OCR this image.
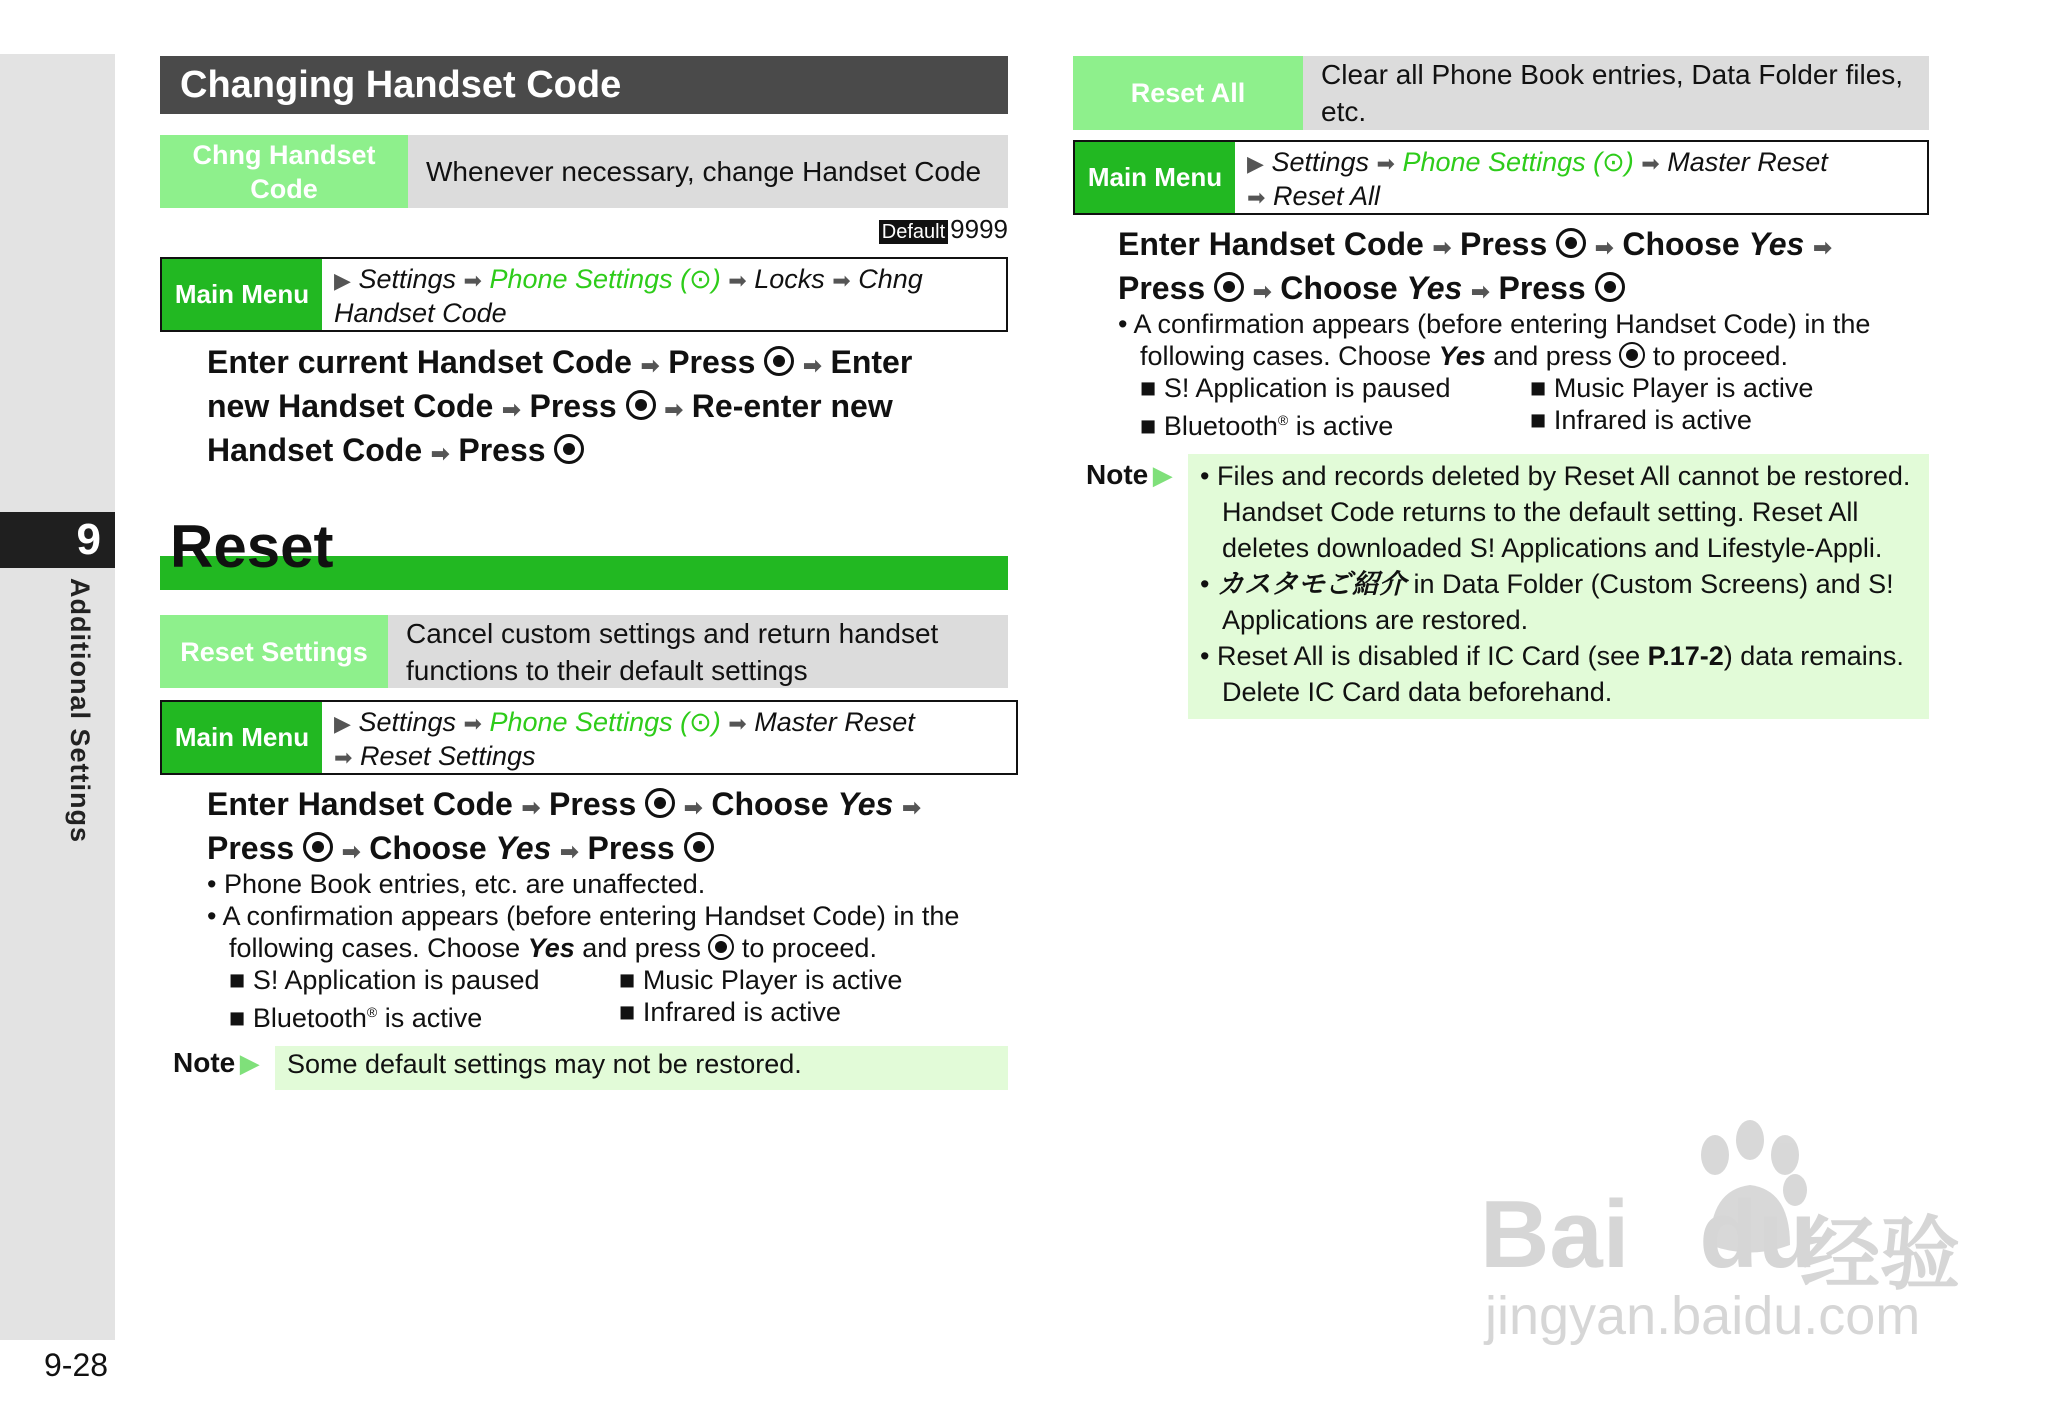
9
Additional Settings
9-28
Changing Handset Code
Chng Handset Code
Whenever necessary, change Handset Code
Default 9999
Main Menu	▶ Settings ➡ Phone Settings (⊙) ➡ Locks ➡ Chng
Handset Code
Enter current Handset Code ➡ Press ➡ Enter
new Handset Code ➡ Press ➡ Re-enter new
Handset Code ➡ Press
Reset
Reset Settings
Cancel custom settings and return handset functions to their default settings
Main Menu	▶ Settings ➡ Phone Settings (⊙) ➡ Master Reset
➡ Reset Settings
Enter Handset Code ➡ Press ➡ Choose Yes ➡
Press ➡ Choose Yes ➡ Press
• Phone Book entries, etc. are unaffected.
• A confirmation appears (before entering Handset Code) in the
following cases. Choose Yes and press to proceed.
■ S! Application is paused	■ Music Player is active
■ Bluetooth® is active	■ Infrared is active
Note ▶	Some default settings may not be restored.
Reset All
Clear all Phone Book entries, Data Folder files, etc.
Main Menu	▶ Settings ➡ Phone Settings (⊙) ➡ Master Reset
➡ Reset All
Enter Handset Code ➡ Press ➡ Choose Yes ➡
Press ➡ Choose Yes ➡ Press
• A confirmation appears (before entering Handset Code) in the
following cases. Choose Yes and press to proceed.
■ S! Application is paused	■ Music Player is active
■ Bluetooth® is active	■ Infrared is active
Note ▶ • Files and records deleted by Reset All cannot be restored. Handset Code returns to the default setting. Reset All deletes downloaded S! Applications and Lifestyle-Appli.
• カスタモご紹介 in Data Folder (Custom Screens) and S! Applications are restored.
• Reset All is disabled if IC Card (see P.17-2) data remains. Delete IC Card data beforehand.
Bai du
经验
jingyan.baidu.com
